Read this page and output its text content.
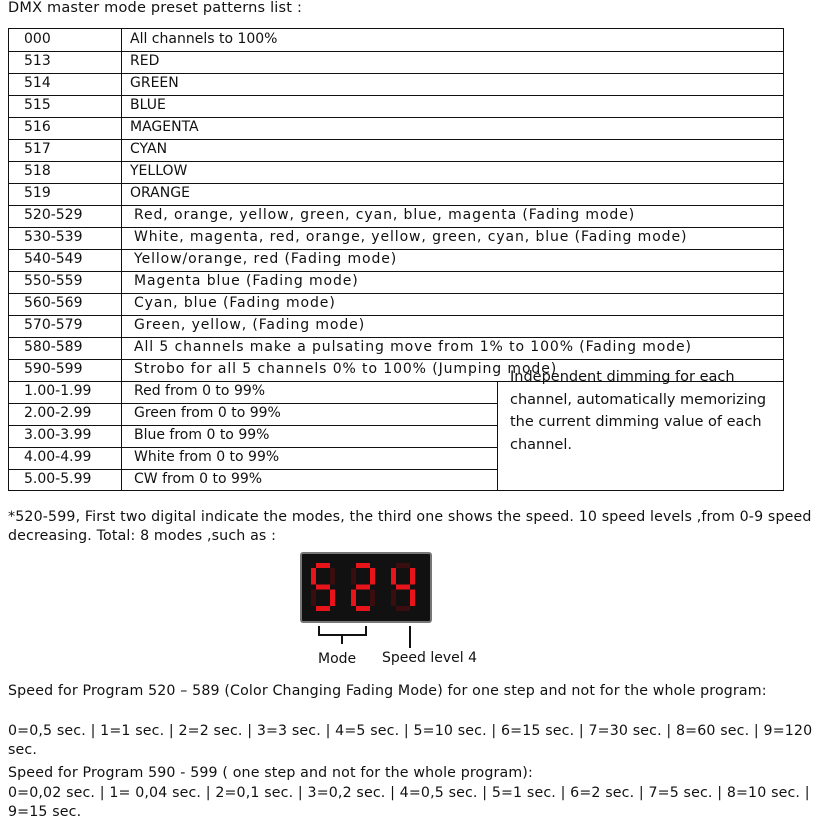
DMX master mode preset patterns list :
000	All channels to 100%
513	RED
514	GREEN
515	BLUE
516	MAGENTA
517	CYAN
518	YELLOW
519	ORANGE
520-529	Red, orange, yellow, green, cyan, blue, magenta (Fading mode)
530-539	White, magenta, red, orange, yellow, green, cyan, blue (Fading mode)
540-549	Yellow/orange, red (Fading mode)
550-559	Magenta blue (Fading mode)
560-569	Cyan, blue (Fading mode)
570-579	Green, yellow, (Fading mode)
580-589	All 5 channels make a pulsating move from 1% to 100% (Fading mode)
590-599	Strobo for all 5 channels 0% to 100% (Jumping mode)
1.00-1.99	Red from 0 to 99%
2.00-2.99	Green from 0 to 99%
3.00-3.99	Blue from 0 to 99%
4.00-4.99	White from 0 to 99%
5.00-5.99	CW from 0 to 99%
Independent dimming for each channel, automatically memorizing the current dimming value of each channel.
*520-599, First two digital indicate the modes, the third one shows the speed. 10 speed levels ,from 0-9 speed decreasing. Total: 8 modes ,such as :
Mode Speed level 4
Speed for Program 520 – 589 (Color Changing Fading Mode) for one step and not for the whole program:
0=0,5 sec. | 1=1 sec. | 2=2 sec. | 3=3 sec. | 4=5 sec. | 5=10 sec. | 6=15 sec. | 7=30 sec. | 8=60 sec. | 9=120 sec.
Speed for Program 590 - 599 ( one step and not for the whole program):
0=0,02 sec. | 1= 0,04 sec. | 2=0,1 sec. | 3=0,2 sec. | 4=0,5 sec. | 5=1 sec. | 6=2 sec. | 7=5 sec. | 8=10 sec. | 9=15 sec.
